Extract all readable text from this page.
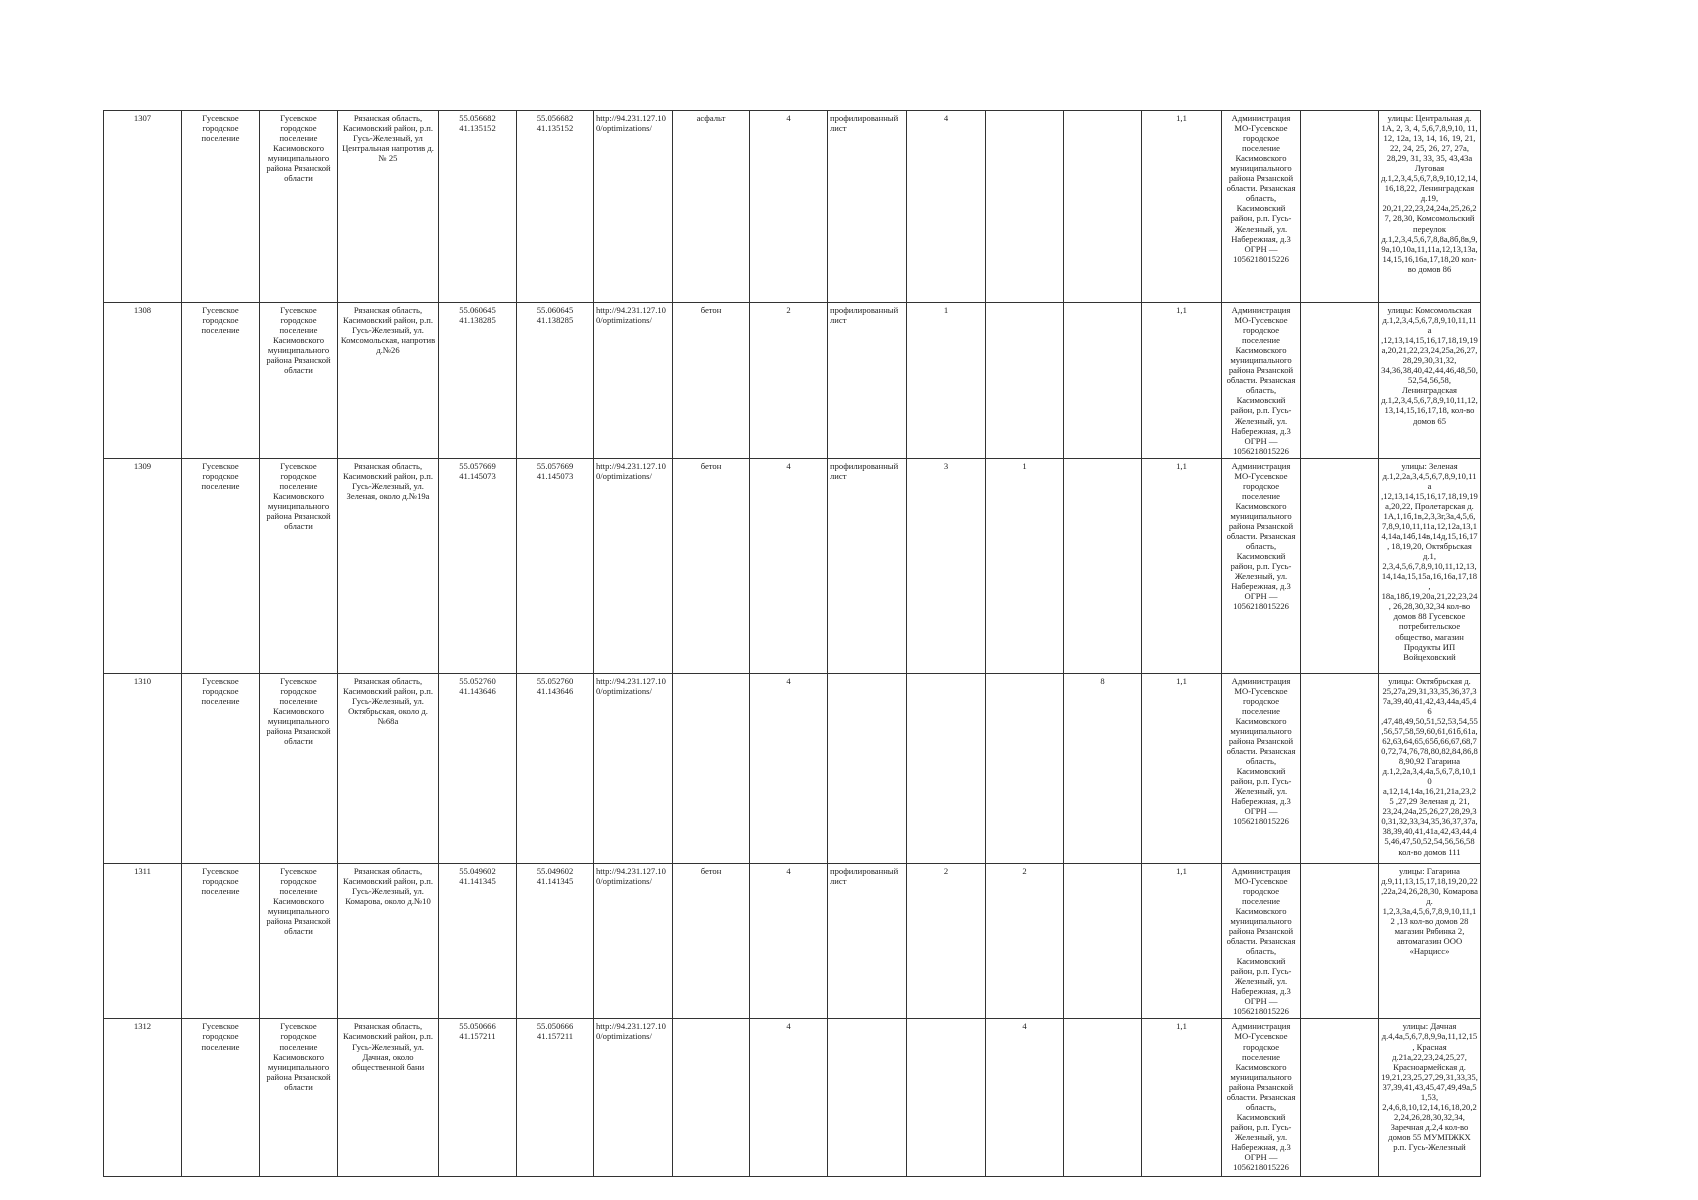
1307	Гусевское городское поселение	Гусевское городское поселение Касимовского муниципального района Рязанской области	Рязанская область, Касимовский район, р.п. Гусь-Железный, ул Центральная напротив д. № 25	55.056682 41.135152	55.056682 41.135152	http://94.231.127.10 0/optimizations/	асфальт	4	профилированный лист	4			1,1	Администрация МО-Гусевское городское поселение Касимовского муниципального района Рязанской области. Рязанская область, Касимовский район, р.п. Гусь-Железный, ул. Набережная, д.3 ОГРН — 1056218015226		улицы: Центральная д. 1А, 2, 3, 4, 5,6,7,8,9,10, 11, 12, 12а, 13, 14, 16, 19, 21, 22, 24, 25, 26, 27, 27а, 28,29, 31, 33, 35, 43,43а Луговая д.1,2,3,4,5,6,7,8,9,10,12,14, 16,18,22, Ленинградская д.19, 20,21,22,23,24,24а,25,26,2 7, 28,30, Комсомольский переулок д.1,2,3,4,5,6,7,8,8а,8б,8в,9, 9а,10,10а,11,11а,12,13,13а, 14,15,16,16а,17,18,20 кол-во домов 86
1308	Гусевское городское поселение	Гусевское городское поселение Касимовского муниципального района Рязанской области	Рязанская область, Касимовский район, р.п. Гусь-Железный, ул. Комсомольская, напротив д.№26	55.060645 41.138285	55.060645 41.138285	http://94.231.127.10 0/optimizations/	бетон	2	профилированный лист	1			1,1	Администрация МО-Гусевское городское поселение Касимовского муниципального района Рязанской области. Рязанская область, Касимовский район, р.п. Гусь-Железный, ул. Набережная, д.3 ОГРН — 1056218015226		улицы: Комсомольская д.1,2,3,4,5,6,7,8,9,10,11,11а ,12,13,14,15,16,17,18,19,19 а,20,21,22,23,24,25а,26,27, 28,29,30,31,32, 34,36,38,40,42,44,46,48,50, 52,54,56,58, Ленинградская д.1,2,3,4,5,6,7,8,9,10,11,12, 13,14,15,16,17,18, кол-во домов 65
1309	Гусевское городское поселение	Гусевское городское поселение Касимовского муниципального района Рязанской области	Рязанская область, Касимовский район, р.п. Гусь-Железный, ул. Зеленая, около д.№19а	55.057669 41.145073	55.057669 41.145073	http://94.231.127.10 0/optimizations/	бетон	4	профилированный лист	3	1		1,1	Администрация МО-Гусевское городское поселение Касимовского муниципального района Рязанской области. Рязанская область, Касимовский район, р.п. Гусь-Железный, ул. Набережная, д.3 ОГРН — 1056218015226		улицы: Зеленая д.1,2,2а,3,4,5,6,7,8,9,10,11а ,12,13,14,15,16,17,18,19,19 а,20,22, Пролетарская д. 1А,1,1б,1в,2,3,3г,3а,4,5,6, 7,8,9,10,11,11а,12,12а,13,1 4,14а,14б,14в,14д,15,16,17, 18,19,20, Октябрьская д.1, 2,3,4,5,6,7,8,9,10,11,12,13, 14,14а,15,15а,16,16а,17,18, 18а,18б,19,20а,21,22,23,24, 26,28,30,32,34 кол-во домов 88 Гусевское потребительское общество, магазин Продукты ИП Войцеховский
1310	Гусевское городское поселение	Гусевское городское поселение Касимовского муниципального района Рязанской области	Рязанская область, Касимовский район, р.п. Гусь-Железный, ул. Октябрьская, около д. №68а	55.052760 41.143646	55.052760 41.143646	http://94.231.127.10 0/optimizations/		4				8	1,1	Администрация МО-Гусевское городское поселение Касимовского муниципального района Рязанской области. Рязанская область, Касимовский район, р.п. Гусь-Железный, ул. Набережная, д.3 ОГРН — 1056218015226		улицы: Октябрьская д. 25,27а,29,31,33,35,36,37,3 7а,39,40,41,42,43,44а,45,46 ,47,48,49,50,51,52,53,54,55 ,56,57,58,59,60,61,61б,61а, 62,63,64,65,65б,66,67,68,7 0,72,74,76,78,80,82,84,86,8 8,90,92 Гагарина д.1,2,2а,3,4,4а,5,6,7,8,10,10 а,12,14,14а,16,21,21а,23,25 ,27,29 Зеленая д. 21, 23,24,24а,25,26,27,28,29,3 0,31,32,33,34,35,36,37,37а, 38,39,40,41,41а,42,43,44,4 5,46,47,50,52,54,56,56,58 кол-во домов 111
1311	Гусевское городское поселение	Гусевское городское поселение Касимовского муниципального района Рязанской области	Рязанская область, Касимовский район, р.п. Гусь-Железный, ул. Комарова, около д.№10	55.049602 41.141345	55.049602 41.141345	http://94.231.127.10 0/optimizations/	бетон	4	профилированный лист	2	2		1,1	Администрация МО-Гусевское городское поселение Касимовского муниципального района Рязанской области. Рязанская область, Касимовский район, р.п. Гусь-Железный, ул. Набережная, д.3 ОГРН — 1056218015226		улицы: Гагарина д.9,11,13,15,17,18,19,20,22 ,22а,24,26,28,30, Комарова д. 1,2,3,3а,4,5,6,7,8,9,10,11,12 ,13 кол-во домов 28 магазин Рябинка 2, автомагазин ООО «Нарцисс»
1312	Гусевское городское поселение	Гусевское городское поселение Касимовского муниципального района Рязанской области	Рязанская область, Касимовский район, р.п. Гусь-Железный, ул. Дачная, около общественной бани	55.050666 41.157211	55.050666 41.157211	http://94.231.127.10 0/optimizations/		4			4		1,1	Администрация МО-Гусевское городское поселение Касимовского муниципального района Рязанской области. Рязанская область, Касимовский район, р.п. Гусь-Железный, ул. Набережная, д.3 ОГРН — 1056218015226		улицы: Дачная д.4,4а,5,6,7,8,9,9а,11,12,15, Красная д.21а,22,23,24,25,27, Красноармейская д. 19,21,23,25,27,29,31,33,35, 37,39,41,43,45,47,49,49а,5 1,53, 2,4,6,8,10,12,14,16,18,20,2 2,24,26,28,30,32,34, Заречная д.2,4 кол-во домов 55 МУМПЖКХ р.п. Гусь-Железный
